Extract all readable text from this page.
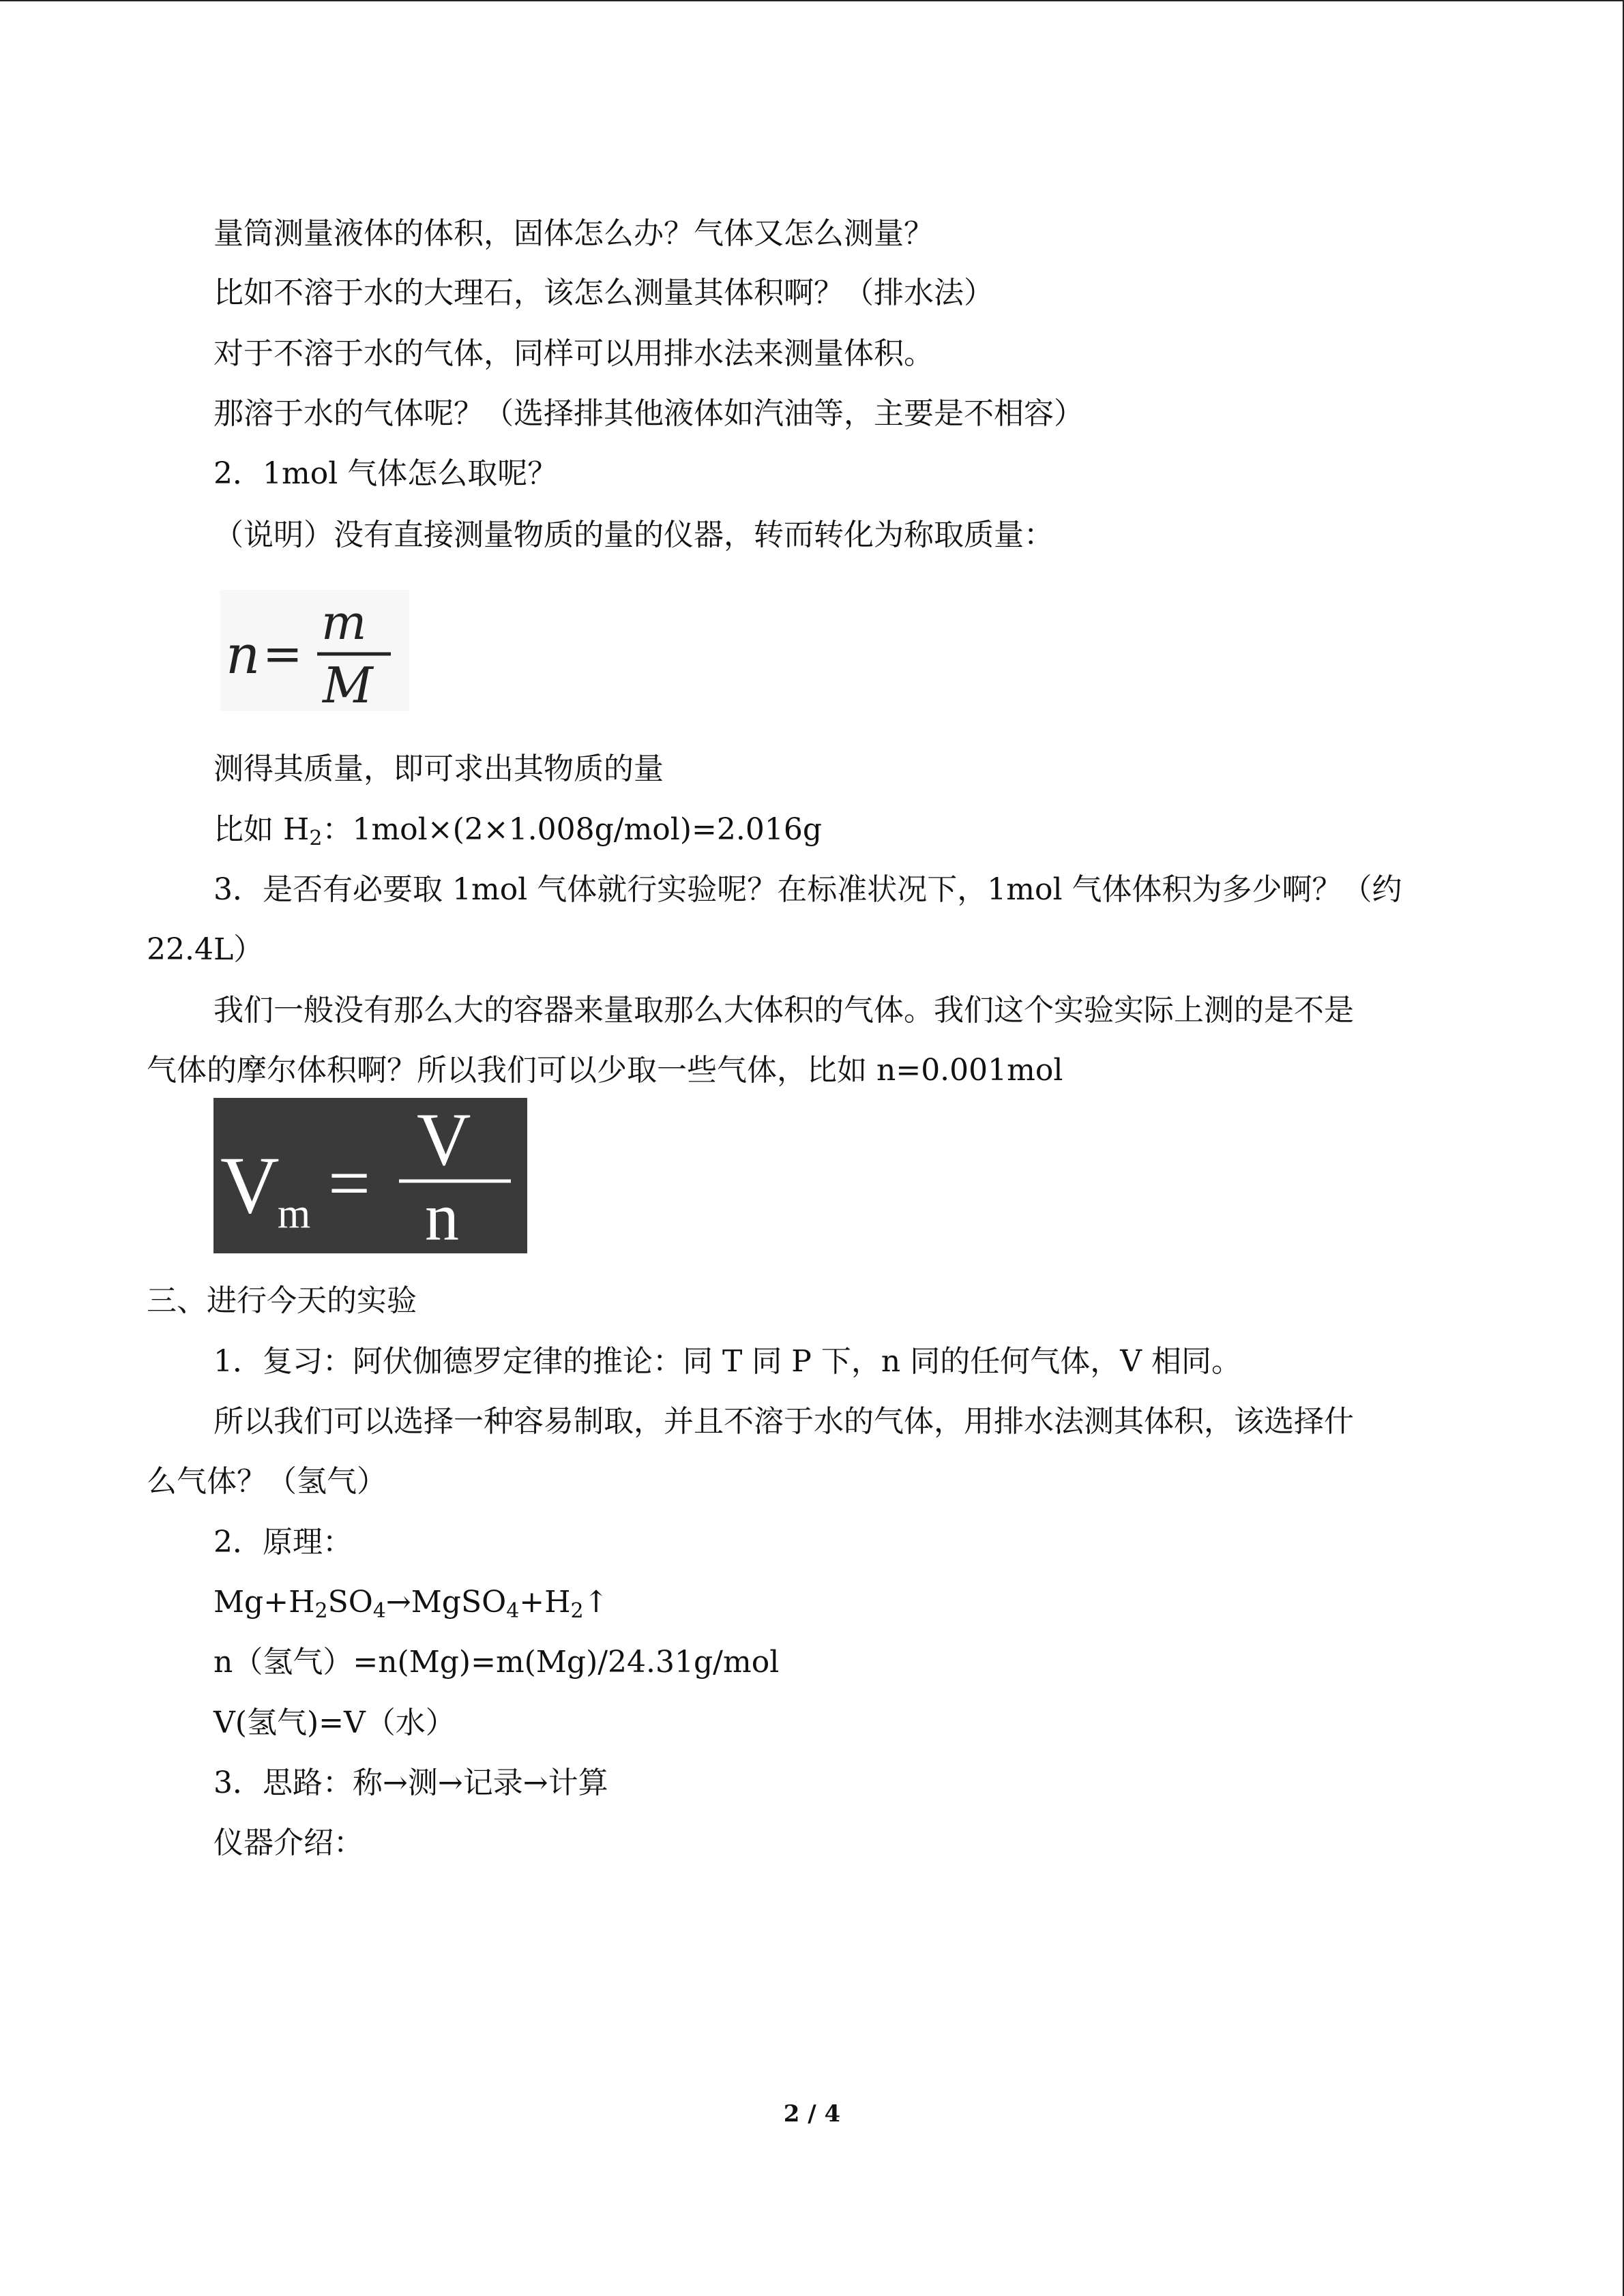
量筒测量液体的体积，固体怎么办？气体又怎么测量？
比如不溶于水的大理石，该怎么测量其体积啊？（排水法）
对于不溶于水的气体，同样可以用排水法来测量体积。
那溶于水的气体呢？（选择排其他液体如汽油等，主要是不相容）
2．1mol 气体怎么取呢？
（说明）没有直接测量物质的量的仪器，转而转化为称取质量：
n =
m
M
测得其质量，即可求出其物质的量
比如 $H_2$：1mol×(2×1.008g/mol)=2.016g
3．是否有必要取 1mol 气体就行实验呢？在标准状况下，1mol 气体体积为多少啊？（约
22.4L）
我们一般没有那么大的容器来量取那么大体积的气体。我们这个实验实际上测的是不是
气体的摩尔体积啊？所以我们可以少取一些气体，比如 n=0.001mol
V
m =
V
n
三、进行今天的实验
1．复习：阿伏伽德罗定律的推论：同 T 同 P 下，n 同的任何气体，V 相同。
所以我们可以选择一种容易制取，并且不溶于水的气体，用排水法测其体积，该选择什
么气体？（氢气）
2．原理：
$Mg+H_2SO_4\to MgSO_4+H_2↑$
n（氢气）=n(Mg)=m(Mg)/24.31g/mol
V(氢气)=V（水）
3．思路：称→测→记录→计算
仪器介绍：
2 / 4
